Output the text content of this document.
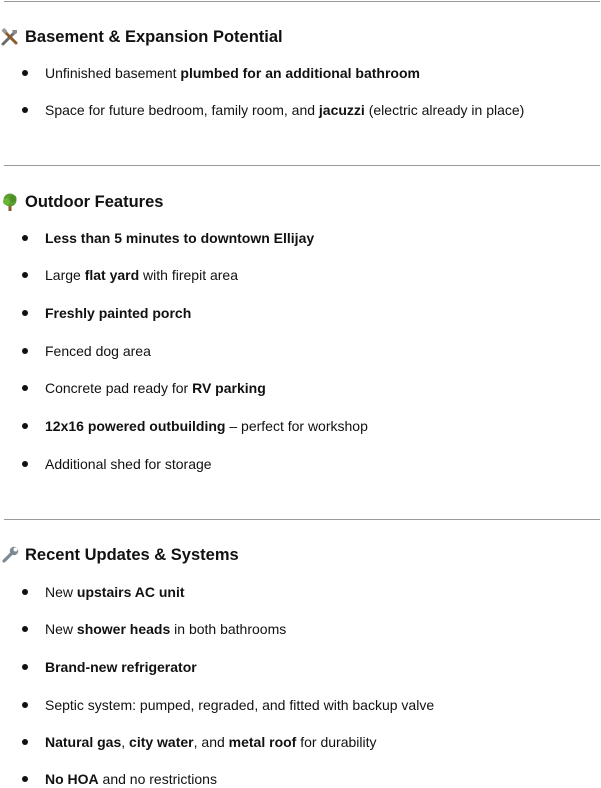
Basement & Expansion Potential
Unfinished basement plumbed for an additional bathroom
Space for future bedroom, family room, and jacuzzi (electric already in place)
Outdoor Features
Less than 5 minutes to downtown Ellijay
Large flat yard with firepit area
Freshly painted porch
Fenced dog area
Concrete pad ready for RV parking
12x16 powered outbuilding – perfect for workshop
Additional shed for storage
Recent Updates & Systems
New upstairs AC unit
New shower heads in both bathrooms
Brand-new refrigerator
Septic system: pumped, regraded, and fitted with backup valve
Natural gas, city water, and metal roof for durability
No HOA and no restrictions
